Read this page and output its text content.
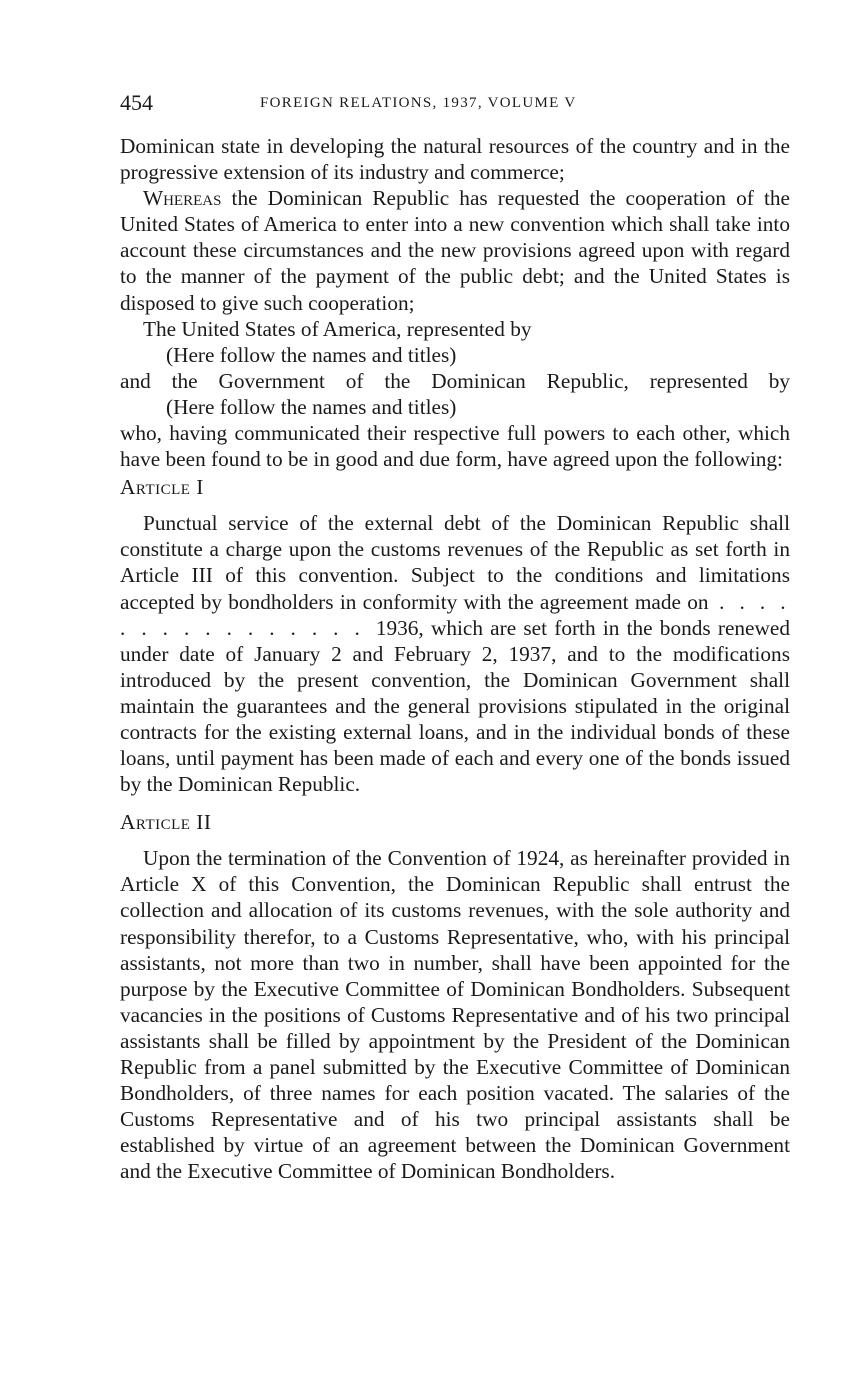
454	FOREIGN RELATIONS, 1937, VOLUME V

Dominican state in developing the natural resources of the country and in the progressive extension of its industry and commerce;

Whereas the Dominican Republic has requested the cooperation of the United States of America to enter into a new convention which shall take into account these circumstances and the new provisions agreed upon with regard to the manner of the payment of the public debt; and the United States is disposed to give such cooperation;

The United States of America, represented by

(Here follow the names and titles)

and the Government of the Dominican Republic, represented by

(Here follow the names and titles)

who, having communicated their respective full powers to each other, which have been found to be in good and due form, have agreed upon the following:

Article I

Punctual service of the external debt of the Dominican Republic shall constitute a charge upon the customs revenues of the Republic as set forth in Article III of this convention. Subject to the conditions and limitations accepted by bondholders in conformity with the agreement made on . . . . . . . . . . . . . . . . 1936, which are set forth in the bonds renewed under date of January 2 and February 2, 1937, and to the modifications introduced by the present convention, the Dominican Government shall maintain the guarantees and the general provisions stipulated in the original contracts for the existing external loans, and in the individual bonds of these loans, until payment has been made of each and every one of the bonds issued by the Dominican Republic.

Article II

Upon the termination of the Convention of 1924, as hereinafter provided in Article X of this Convention, the Dominican Republic shall entrust the collection and allocation of its customs revenues, with the sole authority and responsibility therefor, to a Customs Representative, who, with his principal assistants, not more than two in number, shall have been appointed for the purpose by the Executive Committee of Dominican Bondholders. Subsequent vacancies in the positions of Customs Representative and of his two principal assistants shall be filled by appointment by the President of the Dominican Republic from a panel submitted by the Executive Committee of Dominican Bondholders, of three names for each position vacated. The salaries of the Customs Representative and of his two principal assistants shall be established by virtue of an agreement between the Dominican Government and the Executive Committee of Dominican Bondholders.
